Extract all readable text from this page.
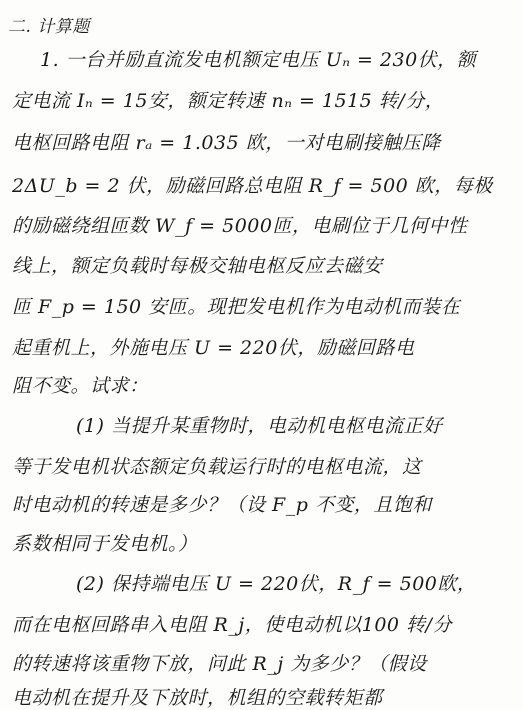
二. 计算题
1. 一台并励直流发电机额定电压 Uₙ = 230伏，额
定电流 Iₙ = 15安，额定转速 nₙ = 1515 转/分，
电枢回路电阻 rₐ = 1.035 欧，一对电刷接触压降
2ΔU_b = 2 伏，励磁回路总电阻 R_f = 500 欧，每极
的励磁绕组匝数 W_f = 5000匝，电刷位于几何中性
线上，额定负载时每极交轴电枢反应去磁安
匝 F_p = 150 安匝。现把发电机作为电动机而装在
起重机上，外施电压 U = 220伏，励磁回路电
阻不变。试求：
(1) 当提升某重物时，电动机电枢电流正好
等于发电机状态额定负载运行时的电枢电流，这
时电动机的转速是多少？（设 F_p 不变，且饱和
系数相同于发电机。）
(2) 保持端电压 U = 220伏，R_f = 500欧，
而在电枢回路串入电阻 R_j，使电动机以100 转/分
的转速将该重物下放，问此 R_j 为多少？（假设
电动机在提升及下放时，机组的空载转矩都
